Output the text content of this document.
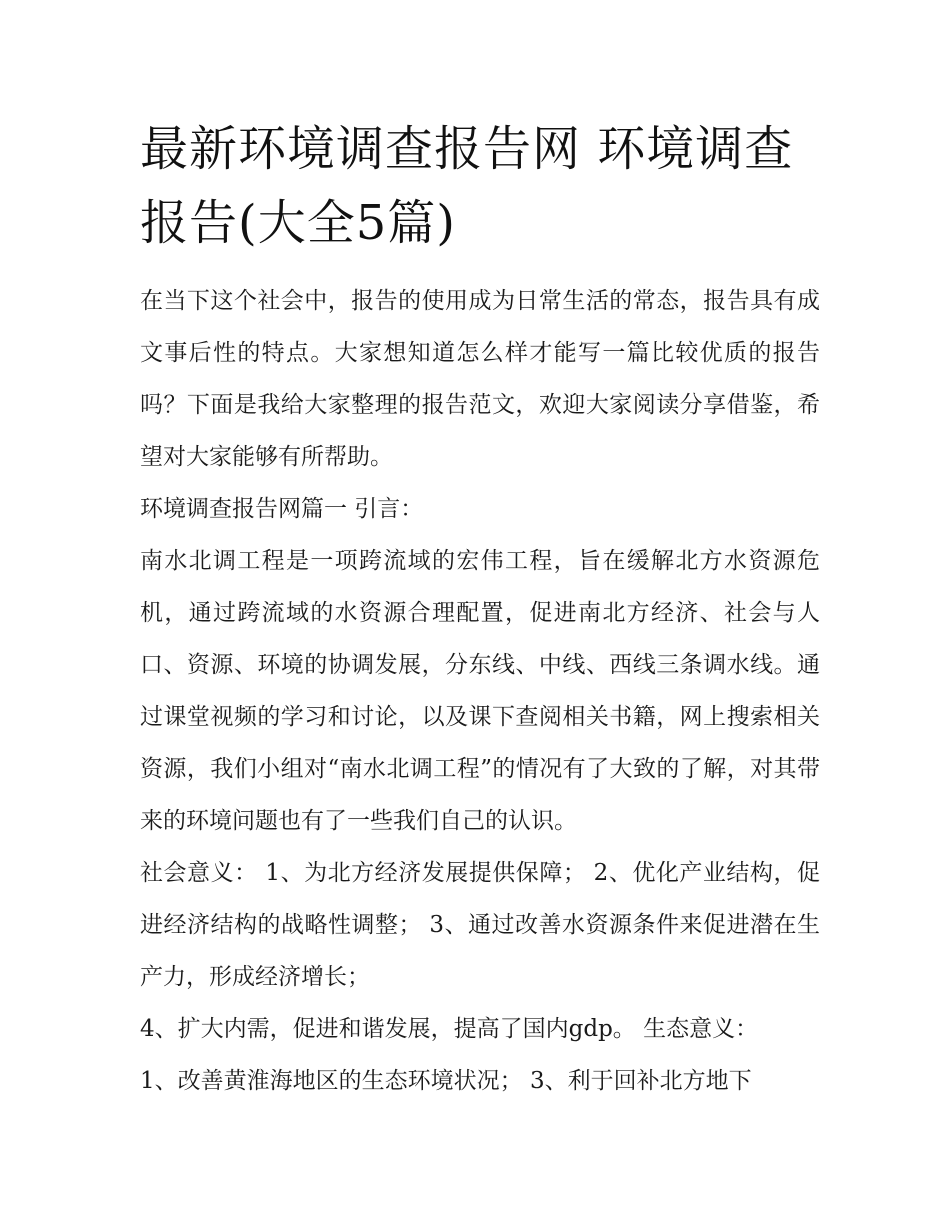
最新环境调查报告网 环境调查报告(大全5篇)

在当下这个社会中，报告的使用成为日常生活的常态，报告具有成文事后性的特点。大家想知道怎么样才能写一篇比较优质的报告吗？下面是我给大家整理的报告范文，欢迎大家阅读分享借鉴，希望对大家能够有所帮助。

环境调查报告网篇一 引言：

南水北调工程是一项跨流域的宏伟工程，旨在缓解北方水资源危机，通过跨流域的水资源合理配置，促进南北方经济、社会与人口、资源、环境的协调发展，分东线、中线、西线三条调水线。通过课堂视频的学习和讨论，以及课下查阅相关书籍，网上搜索相关资源，我们小组对“南水北调工程”的情况有了大致的了解，对其带来的环境问题也有了一些我们自己的认识。

社会意义： 1、为北方经济发展提供保障； 2、优化产业结构，促进经济结构的战略性调整； 3、通过改善水资源条件来促进潜在生产力，形成经济增长；

4、扩大内需，促进和谐发展，提高了国内gdp。 生态意义：

1、改善黄淮海地区的生态环境状况； 3、利于回补北方地下
